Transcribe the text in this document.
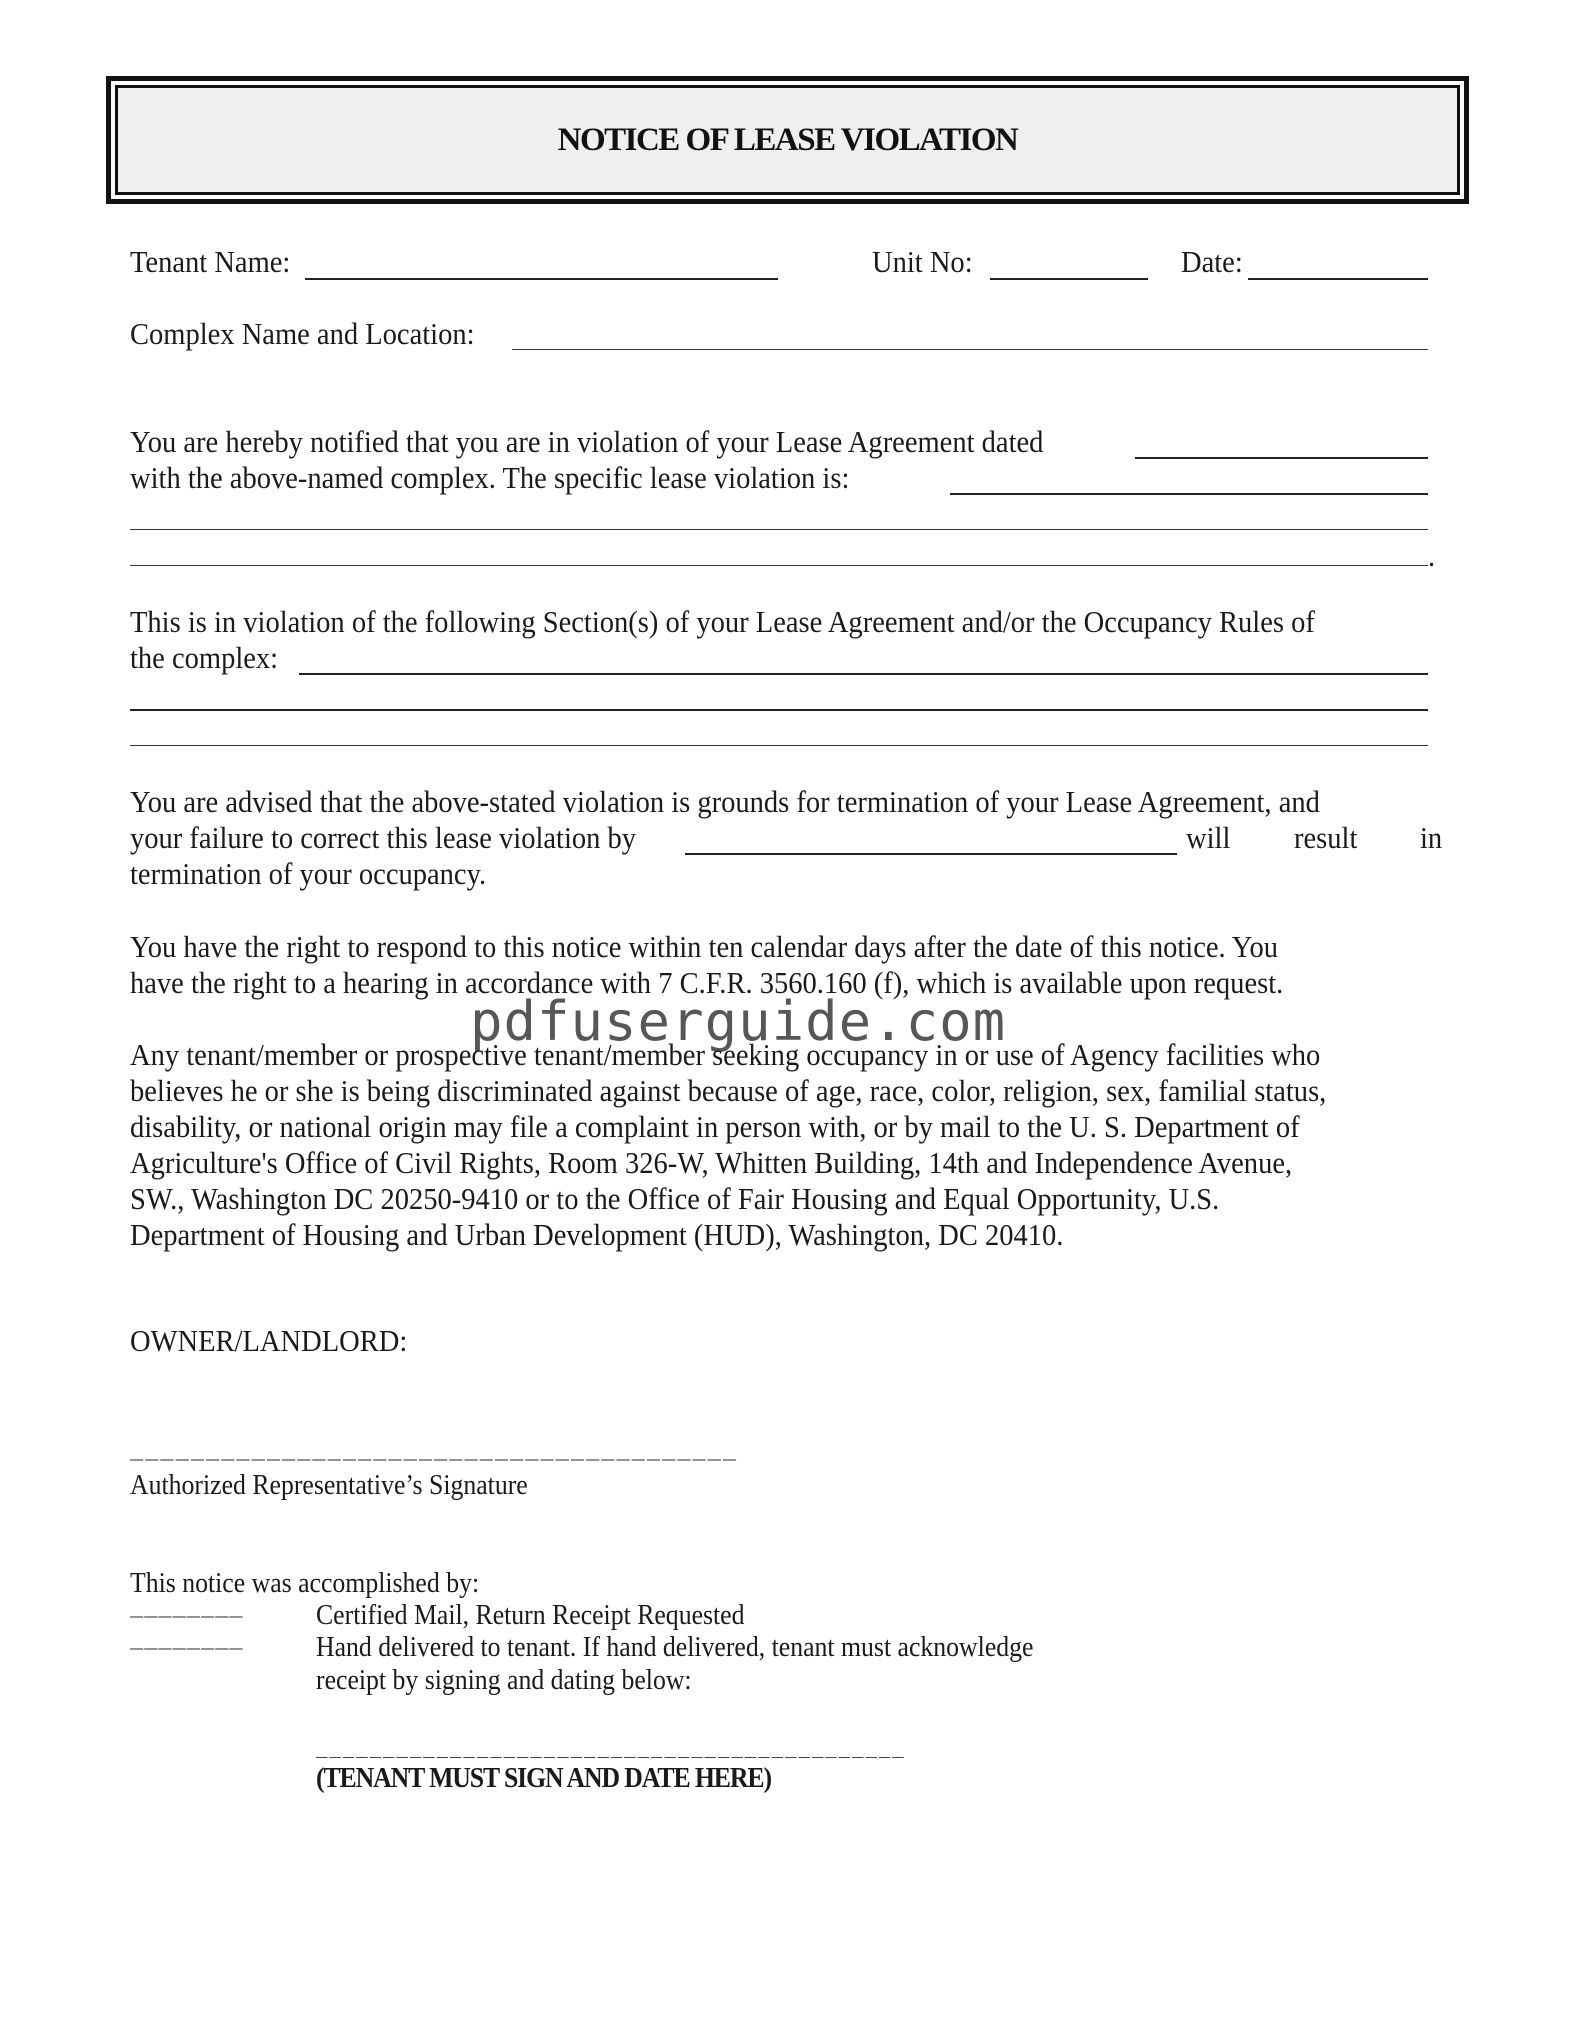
NOTICE OF LEASE VIOLATION
Tenant Name:	Unit No:	Date:
Complex Name and Location:
You are hereby notified that you are in violation of your Lease Agreement dated
with the above-named complex. The specific lease violation is:
.
This is in violation of the following Section(s) of your Lease Agreement and/or the Occupancy Rules of
the complex:
You are advised that the above-stated violation is grounds for termination of your Lease Agreement, and
your failure to correct this lease violation by	will result in
termination of your occupancy.
You have the right to respond to this notice within ten calendar days after the date of this notice. You
have the right to a hearing in accordance with 7 C.F.R. 3560.160 (f), which is available upon request.
pdfuserguide.com
Any tenant/member or prospective tenant/member seeking occupancy in or use of Agency facilities who
believes he or she is being discriminated against because of age, race, color, religion, sex, familial status,
disability, or national origin may file a complaint in person with, or by mail to the U. S. Department of
Agriculture's Office of Civil Rights, Room 326-W, Whitten Building, 14th and Independence Avenue,
SW., Washington DC 20250-9410 or to the Office of Fair Housing and Equal Opportunity, U.S.
Department of Housing and Urban Development (HUD), Washington, DC 20410.
OWNER/LANDLORD:
________________________________________
Authorized Representative’s Signature
This notice was accomplished by:
________	Certified Mail, Return Receipt Requested
________	Hand delivered to tenant. If hand delivered, tenant must acknowledge
receipt by signing and dating below:
____________________________________________
(TENANT MUST SIGN AND DATE HERE)
